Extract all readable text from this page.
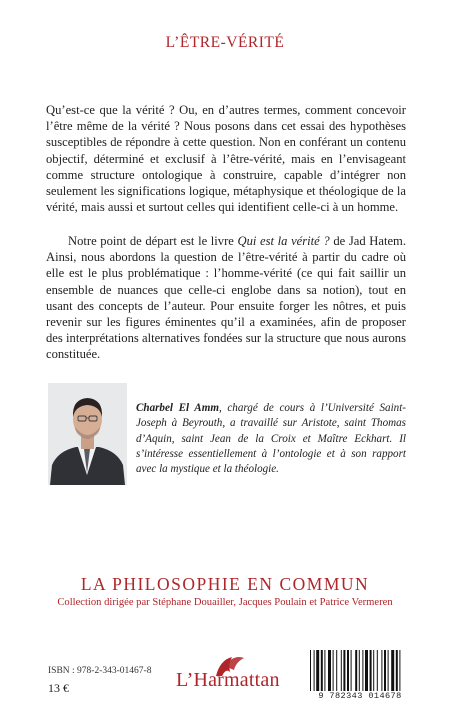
L’ÊTRE-VÉRITÉ

Qu’est-ce que la vérité ? Ou, en d’autres termes, comment concevoir l’être même de la vérité ? Nous posons dans cet essai des hypothèses susceptibles de répondre à cette question. Non en conférant un contenu objectif, déterminé et exclusif à l’être-vérité, mais en l’envisageant comme structure ontologique à construire, capable d’intégrer non seulement les significations logique, métaphysique et théologique de la vérité, mais aussi et surtout celles qui identifient celle-ci à un homme.

Notre point de départ est le livre Qui est la vérité ? de Jad Hatem. Ainsi, nous abordons la question de l’être-vérité à partir du cadre où elle est le plus problématique : l’homme-vérité (ce qui fait saillir un ensemble de nuances que celle-ci englobe dans sa notion), tout en usant des concepts de l’auteur. Pour ensuite forger les nôtres, et puis revenir sur les figures éminentes qu’il a examinées, afin de proposer des interprétations alternatives fondées sur la structure que nous aurons constituée.

Charbel El Amm, chargé de cours à l’Université Saint-Joseph à Beyrouth, a travaillé sur Aristote, saint Thomas d’Aquin, saint Jean de la Croix et Maître Eckhart. Il s’intéresse essentiellement à l’ontologie et à son rapport avec la mystique et la théologie.

LA PHILOSOPHIE EN COMMUN
Collection dirigée par Stéphane Douailler, Jacques Poulain et Patrice Vermeren
ISBN : 978-2-343-01467-8
13 €	L’Harmattan
9 782343 014678
